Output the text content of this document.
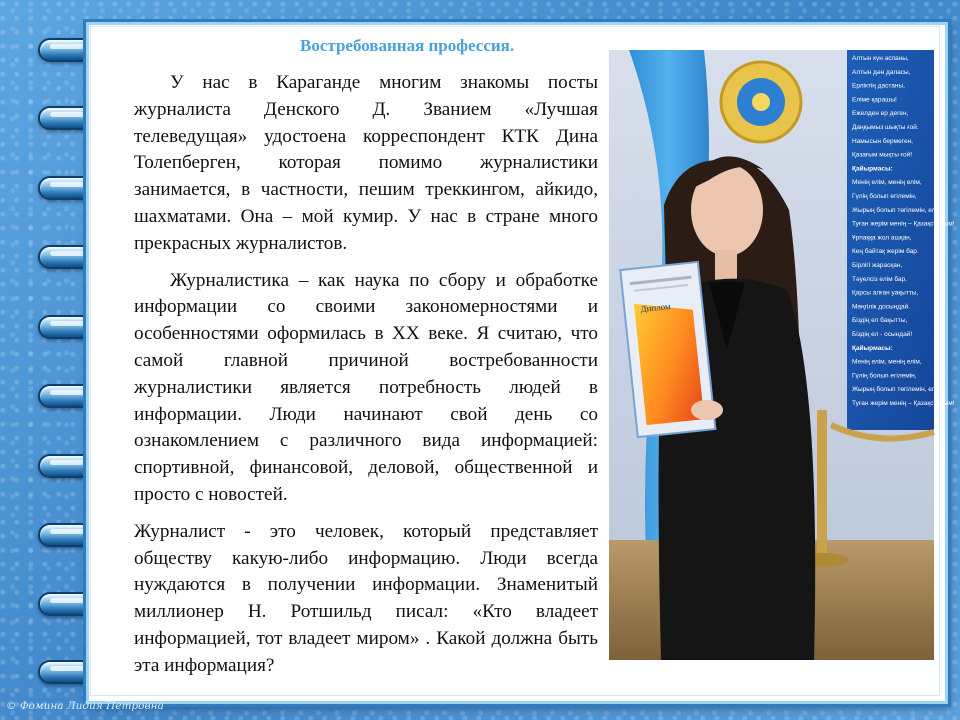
Востребованная профессия.

У нас в Караганде многим знакомы посты журналиста Денского Д. Званием «Лучшая телеведущая» удостоена корреспондент КТК Дина Толепберген, которая помимо журналистики занимается, в частности, пешим треккингом, айкидо, шахматами. Она – мой кумир. У нас в стране много прекрасных журналистов.

Журналистика – как наука по сбору и обработке информации со своими закономерностями и особенностями оформилась в XX веке. Я считаю, что самой главной причиной востребованности журналистики является потребность людей в информации. Люди начинают свой день со ознакомлением с различного вида информацией: спортивной, финансовой, деловой, общественной и просто с новостей.

Журналист - это человек, который представляет обществу какую-либо информацию. Люди всегда нуждаются в получении информации. Знаменитый миллионер Н. Ротшильд писал: «Кто владеет информацией, тот владеет миром» . Какой должна быть эта информация?

Диплом
Алтын күн аспаны,
Алтын дән даласы,
Ерліктің дастаны,
Еліме қарашы!
Ежелден ер деген,
Даңқымыз шықты ғой.
Намысын бермеген,
Қазағым мықты ғой!
Қайырмасы:
Менің елім, менің елім,
Гүлің болып егілемін,
Жырың болып төгілемін, елім!
Туған жерім менің – Қазақстаным!
Ұрпаққа жол ашқан,
Кең байтақ жерім бар.
Бірлігі жарасқан,
Тәуелсіз елім бар.
Қарсы алған уақытты,
Мәңгілік досындай.
Біздің ел бақытты,
Біздің ел - осындай!
Қайырмасы:
Менің елім, менің елім,
Гүлің болып егілемін,
Жырың болып төгілемін, елім!
Туған жерім менің – Қазақстаным!
© Фомина Лидия Петровна
